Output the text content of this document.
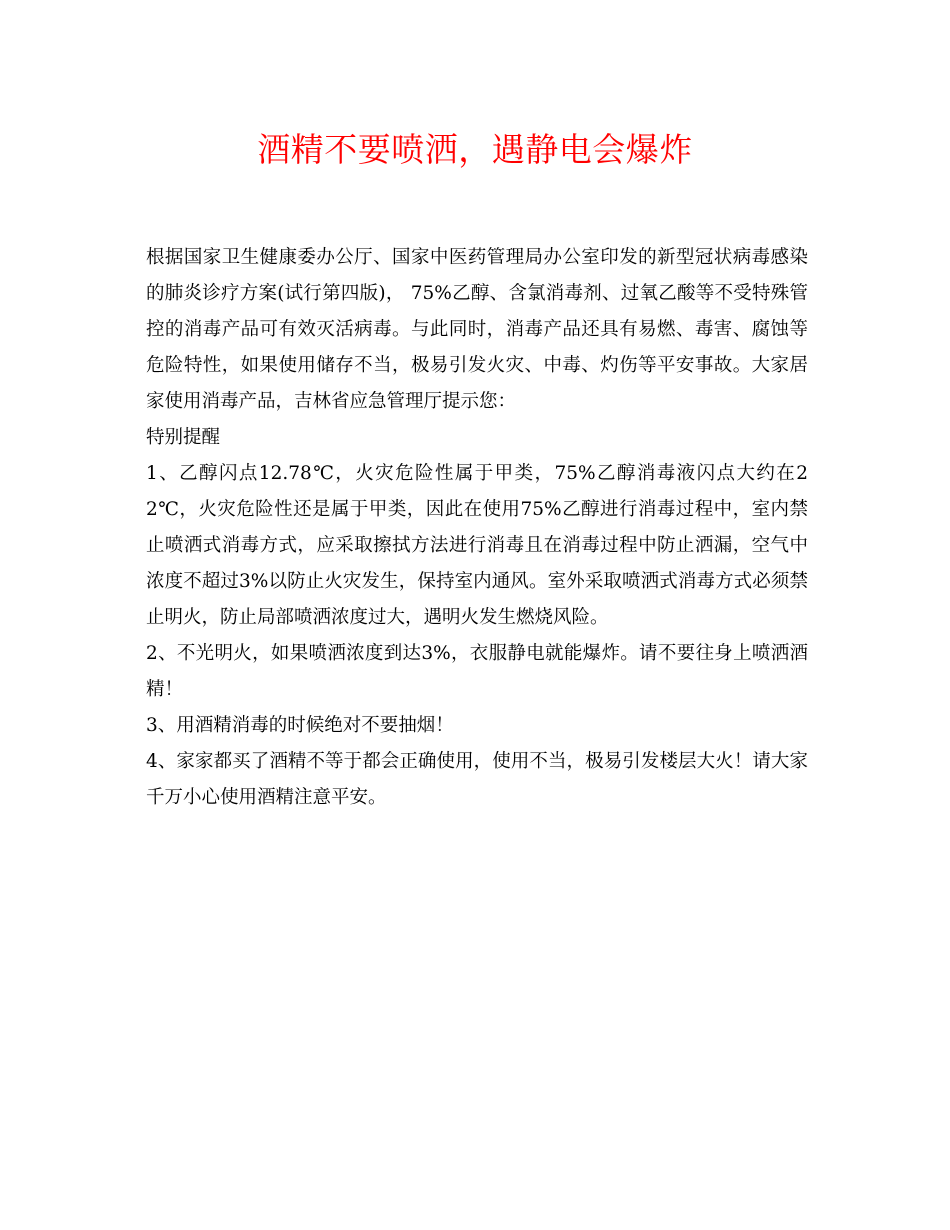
酒精不要喷洒，遇静电会爆炸

根据国家卫生健康委办公厅、国家中医药管理局办公室印发的新型冠状病毒感染的肺炎诊疗方案(试行第四版)， 75%乙醇、含氯消毒剂、过氧乙酸等不受特殊管控的消毒产品可有效灭活病毒。与此同时，消毒产品还具有易燃、毒害、腐蚀等危险特性，如果使用储存不当，极易引发火灾、中毒、灼伤等平安事故。大家居家使用消毒产品，吉林省应急管理厅提示您：

特别提醒

1、乙醇闪点12.78℃，火灾危险性属于甲类，75%乙醇消毒液闪点大约在22℃，火灾危险性还是属于甲类，因此在使用75%乙醇进行消毒过程中，室内禁止喷洒式消毒方式，应采取擦拭方法进行消毒且在消毒过程中防止洒漏，空气中浓度不超过3%以防止火灾发生，保持室内通风。室外采取喷洒式消毒方式必须禁止明火，防止局部喷洒浓度过大，遇明火发生燃烧风险。

2、不光明火，如果喷洒浓度到达3%，衣服静电就能爆炸。请不要往身上喷洒酒精！

3、用酒精消毒的时候绝对不要抽烟！

4、家家都买了酒精不等于都会正确使用，使用不当，极易引发楼层大火！请大家千万小心使用酒精注意平安。
